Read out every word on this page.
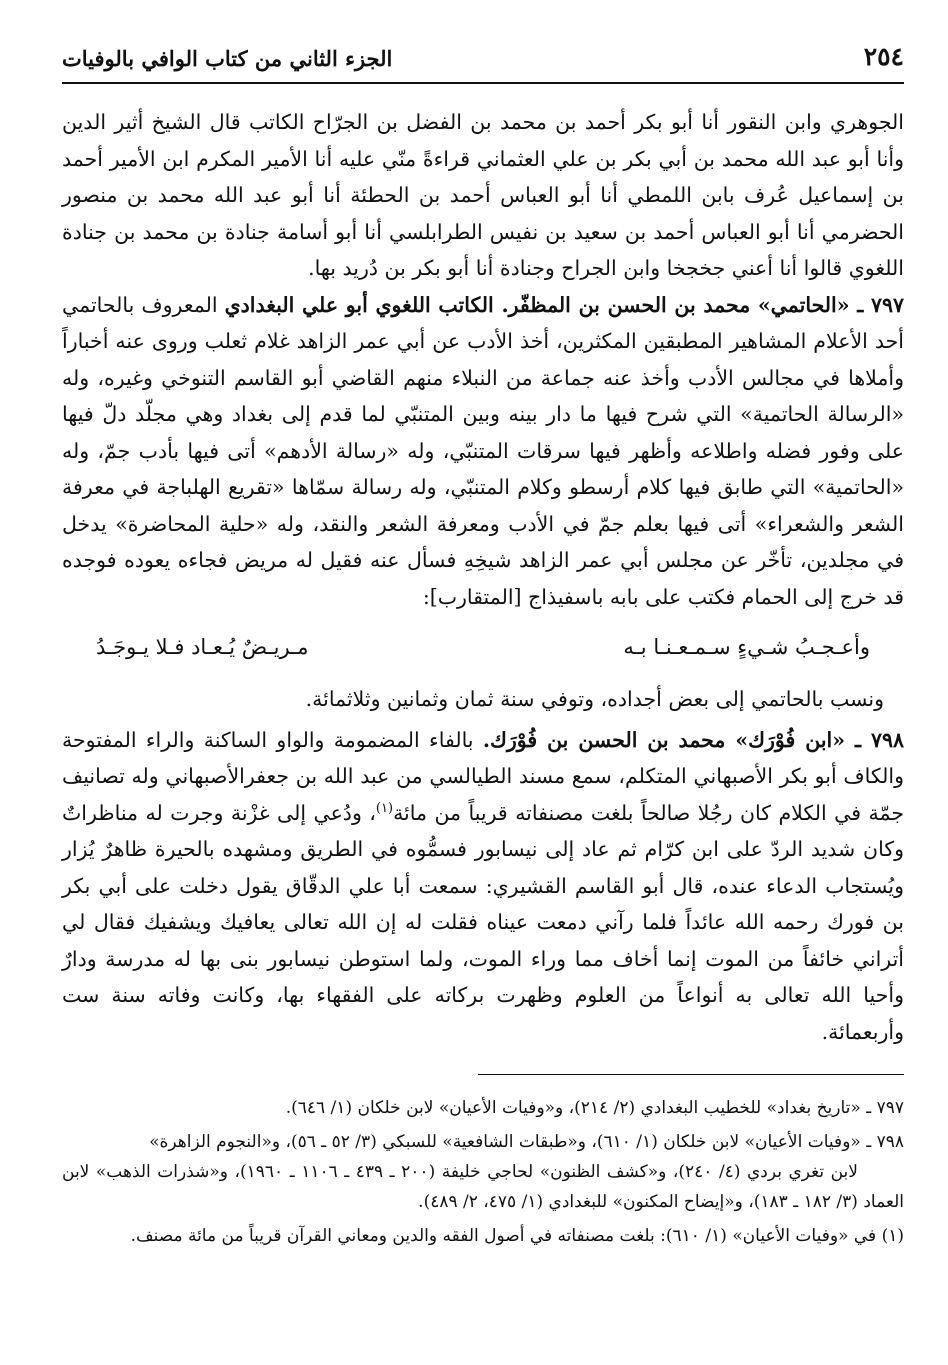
٢٥٤
الجزء الثاني من كتاب الوافي بالوفيات

الجوهري وابن النقور أنا أبو بكر أحمد بن محمد بن الفضل بن الجرّاح الكاتب قال الشيخ أثير الدين وأنا أبو عبد الله محمد بن أبي بكر بن علي العثماني قراءةً منّي عليه أنا الأمير المكرم ابن الأمير أحمد بن إسماعيل عُرف بابن اللمطي أنا أبو العباس أحمد بن الحطئة أنا أبو عبد الله محمد بن منصور الحضرمي أنا أبو العباس أحمد بن سعيد بن نفيس الطرابلسي أنا أبو أسامة جنادة بن محمد بن جنادة اللغوي قالوا أنا أعني جخجخا وابن الجراح وجنادة أنا أبو بكر بن دُريد بها.

٧٩٧ ـ «الحاتمي» محمد بن الحسن بن المظفّر. الكاتب اللغوي أبو علي البغدادي المعروف بالحاتمي أحد الأعلام المشاهير المطبقين المكثرين، أخذ الأدب عن أبي عمر الزاهد غلام ثعلب وروى عنه أخباراً وأملاها في مجالس الأدب وأخذ عنه جماعة من النبلاء منهم القاضي أبو القاسم التنوخي وغيره، وله «الرسالة الحاتمية» التي شرح فيها ما دار بينه وبين المتنبّي لما قدم إلى بغداد وهي مجلّد دلّ فيها على وفور فضله واطلاعه وأظهر فيها سرقات المتنبّي، وله «رسالة الأدهم» أتى فيها بأدب جمّ، وله «الحاتمية» التي طابق فيها كلام أرسطو وكلام المتنبّي، وله رسالة سمّاها «تقريع الهلباجة في معرفة الشعر والشعراء» أتى فيها بعلم جمّ في الأدب ومعرفة الشعر والنقد، وله «حلية المحاضرة» يدخل في مجلدين، تأخّر عن مجلس أبي عمر الزاهد شيخِهِ فسأل عنه فقيل له مريض فجاءه يعوده فوجده قد خرج إلى الحمام فكتب على بابه باسفيذاج [المتقارب]:

وأعـجـبُ شـيءٍ سـمـعـنـا بـه
مـريـضٌ يُـعـاد فـلا يـوجَـدُ

ونسب بالحاتمي إلى بعض أجداده، وتوفي سنة ثمان وثمانين وثلاثمائة.

٧٩٨ ـ «ابن فُوْرَك» محمد بن الحسن بن فُوْرَك. بالفاء المضمومة والواو الساكنة والراء المفتوحة والكاف أبو بكر الأصبهاني المتكلم، سمع مسند الطيالسي من عبد الله بن جعفرالأصبهاني وله تصانيف جمّة في الكلام كان رجُلا صالحاً بلغت مصنفاته قريباً من مائة$^{(١)}$، ودُعي إلى غزْنة وجرت له مناظراتٌ وكان شديد الردّ على ابن كرّام ثم عاد إلى نيسابور فسمُّوه في الطريق ومشهده بالحيرة ظاهرٌ يُزار ويُستجاب الدعاء عنده، قال أبو القاسم القشيري: سمعت أبا علي الدقّاق يقول دخلت على أبي بكر بن فورك رحمه الله عائداً فلما رآني دمعت عيناه فقلت له إن الله تعالى يعافيك ويشفيك فقال لي أتراني خائفاً من الموت إنما أخاف مما وراء الموت، ولما استوطن نيسابور بنى بها له مدرسة ودارٌ وأحيا الله تعالى به أنواعاً من العلوم وظهرت بركاته على الفقهاء بها، وكانت وفاته سنة ست وأربعمائة.

٧٩٧ ـ «تاريخ بغداد» للخطيب البغدادي (٢/ ٢١٤)، و«وفيات الأعيان» لابن خلكان (١/ ٦٤٦).

٧٩٨ ـ «وفيات الأعيان» لابن خلكان (١/ ٦١٠)، و«طبقات الشافعية» للسبكي (٣/ ٥٢ ـ ٥٦)، و«النجوم الزاهرة»
لابن تغري بردي (٤/ ٢٤٠)، و«كشف الظنون» لحاجي خليفة (٢٠٠ ـ ٤٣٩ ـ ١١٠٦ ـ ١٩٦٠)، و«شذرات الذهب» لابن العماد (٣/ ١٨٢ ـ ١٨٣)، و«إيضاح المكنون» للبغدادي (١/ ٤٧٥، ٢/ ٤٨٩).

(١) في «وفيات الأعيان» (١/ ٦١٠): بلغت مصنفاته في أصول الفقه والدين ومعاني القرآن قريباً من مائة مصنف.
